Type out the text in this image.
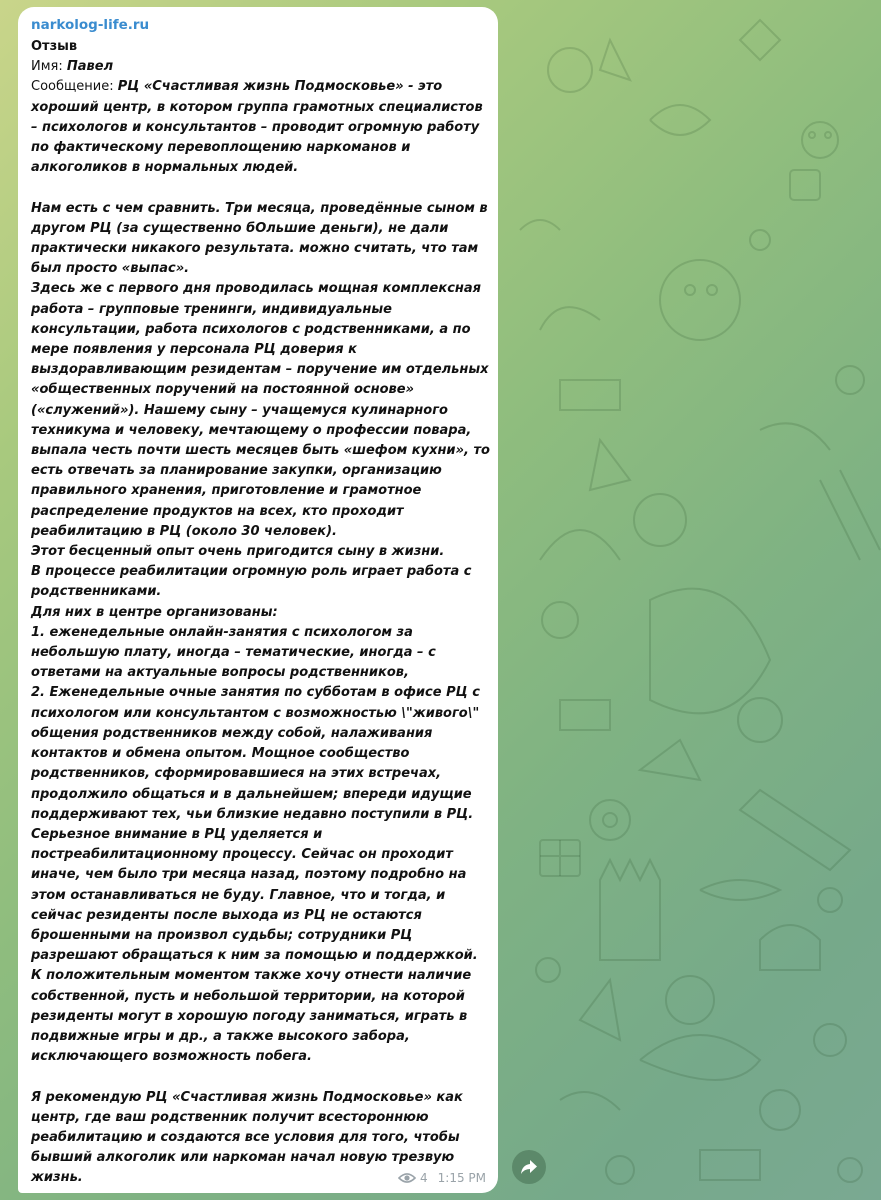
narkolog-life.ru

Отзыв

Имя: Павел

Сообщение: РЦ «Счастливая жизнь Подмосковье» - это хороший центр, в котором группа грамотных специалистов – психологов и консультантов – проводит огромную работу по фактическому перевоплощению наркоманов и алкоголиков в нормальных людей.

Нам есть с чем сравнить. Три месяца, проведённые сыном в другом РЦ (за существенно бОльшие деньги), не дали практически никакого результата. можно считать, что там был просто «выпас».

Здесь же с первого дня проводилась мощная комплексная работа – групповые тренинги, индивидуальные консультации, работа психологов с родственниками, а по мере появления у персонала РЦ доверия к выздоравливающим резидентам – поручение им отдельных «общественных поручений на постоянной основе» («служений»). Нашему сыну – учащемуся кулинарного техникума и человеку, мечтающему о профессии повара, выпала честь почти шесть месяцев быть «шефом кухни», то есть отвечать за планирование закупки, организацию правильного хранения, приготовление и грамотное распределение продуктов на всех, кто проходит реабилитацию в РЦ (около 30 человек).

Этот бесценный опыт очень пригодится сыну в жизни.

В процессе реабилитации огромную роль играет работа с родственниками.

Для них в центре организованы:

1. еженедельные онлайн-занятия с психологом за небольшую плату, иногда – тематические, иногда – с ответами на актуальные вопросы родственников,

2. Еженедельные очные занятия по субботам в офисе РЦ с психологом или консультантом с возможностью \"живого\" общения родственников между собой, налаживания контактов и обмена опытом. Мощное сообщество родственников, сформировавшиеся на этих встречах, продолжило общаться и в дальнейшем; впереди идущие поддерживают тех, чьи близкие недавно поступили в РЦ.

Серьезное внимание в РЦ уделяется и постреабилитационному процессу. Сейчас он проходит иначе, чем было три месяца назад, поэтому подробно на этом останавливаться не буду. Главное, что и тогда, и сейчас резиденты после выхода из РЦ не остаются брошенными на произвол судьбы; сотрудники РЦ разрешают обращаться к ним за помощью и поддержкой.

К положительным моментом также хочу отнести наличие собственной, пусть и небольшой территории, на которой резиденты могут в хорошую погоду заниматься, играть в подвижные игры и др., а также высокого забора, исключающего возможность побега.

Я рекомендую РЦ «Счастливая жизнь Подмосковье» как центр, где ваш родственник получит всестороннюю реабилитацию и создаются все условия для того, чтобы бывший алкоголик или наркоман начал новую трезвую жизнь.	4 1:15 PM
